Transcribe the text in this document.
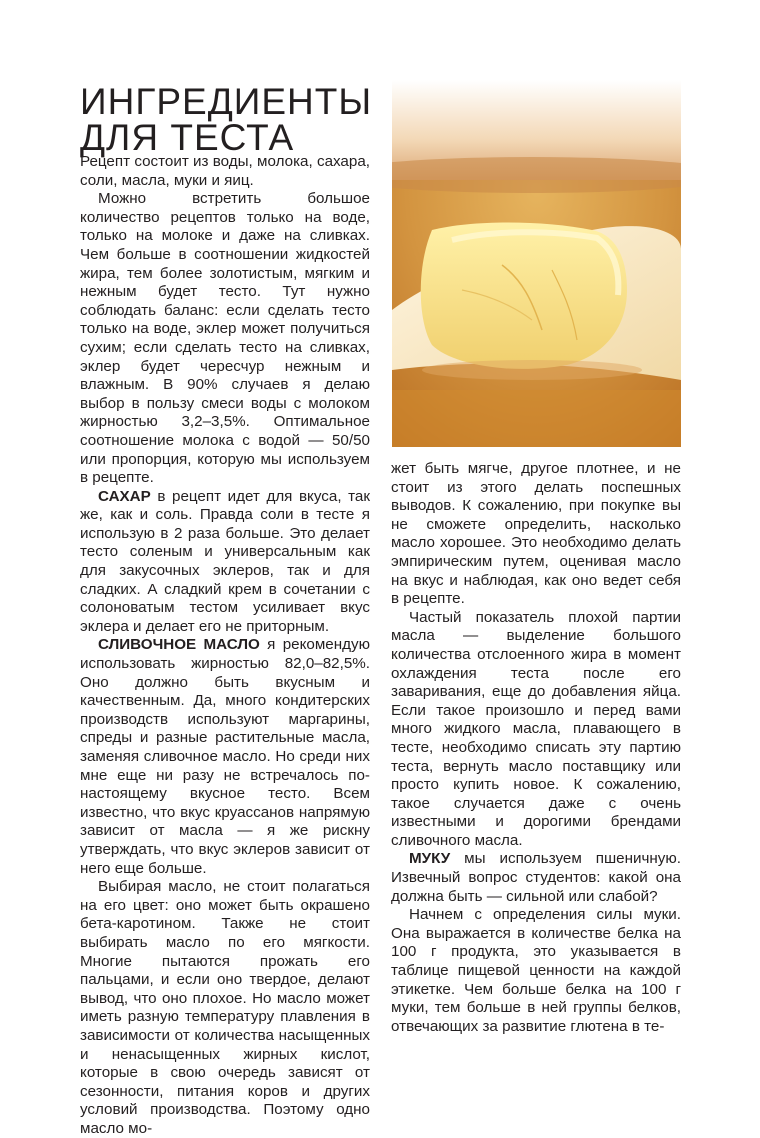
ИНГРЕДИЕНТЫ ДЛЯ ТЕСТА

Рецепт состоит из воды, молока, сахара, соли, масла, муки и яиц.

Можно встретить большое количество рецептов только на воде, только на молоке и даже на сливках. Чем больше в соотношении жидкостей жира, тем более золотистым, мягким и нежным будет тесто. Тут нужно соблюдать баланс: если сделать тесто только на воде, эклер может получиться сухим; если сделать тесто на сливках, эклер будет чересчур нежным и влажным. В 90% случаев я делаю выбор в пользу смеси воды с молоком жирностью 3,2–3,5%. Оптимальное соотношение молока с водой — 50/50 или пропорция, которую мы используем в рецепте.

САХАР в рецепт идет для вкуса, так же, как и соль. Правда соли в тесте я использую в 2 раза больше. Это делает тесто соленым и универсальным как для закусочных эклеров, так и для сладких. А сладкий крем в сочетании с солоноватым тестом усиливает вкус эклера и делает его не приторным.

СЛИВОЧНОЕ МАСЛО я рекомендую использовать жирностью 82,0–82,5%. Оно должно быть вкусным и качественным. Да, много кондитерских производств используют маргарины, спреды и разные растительные масла, заменяя сливочное масло. Но среди них мне еще ни разу не встречалось по-настоящему вкусное тесто. Всем известно, что вкус круассанов напрямую зависит от масла — я же рискну утверждать, что вкус эклеров зависит от него еще больше.

Выбирая масло, не стоит полагаться на его цвет: оно может быть окрашено бета-каротином. Также не стоит выбирать масло по его мягкости. Многие пытаются прожать его пальцами, и если оно твердое, делают вывод, что оно плохое. Но масло может иметь разную температуру плавления в зависимости от количества насыщенных и ненасыщенных жирных кислот, которые в свою очередь зависят от сезонности, питания коров и других условий производства. Поэтому одно масло мо-

жет быть мягче, другое плотнее, и не стоит из этого делать поспешных выводов. К сожалению, при покупке вы не сможете определить, насколько масло хорошее. Это необходимо делать эмпирическим путем, оценивая масло на вкус и наблюдая, как оно ведет себя в рецепте.

Частый показатель плохой партии масла — выделение большого количества отслоенного жира в момент охлаждения теста после его заваривания, еще до добавления яйца. Если такое произошло и перед вами много жидкого масла, плавающего в тесте, необходимо списать эту партию теста, вернуть масло поставщику или просто купить новое. К сожалению, такое случается даже с очень известными и дорогими брендами сливочного масла.

МУКУ мы используем пшеничную. Извечный вопрос студентов: какой она должна быть — сильной или слабой?

Начнем с определения силы муки. Она выражается в количестве белка на 100 г продукта, это указывается в таблице пищевой ценности на каждой этикетке. Чем больше белка на 100 г муки, тем больше в ней группы белков, отвечающих за развитие глютена в те-
